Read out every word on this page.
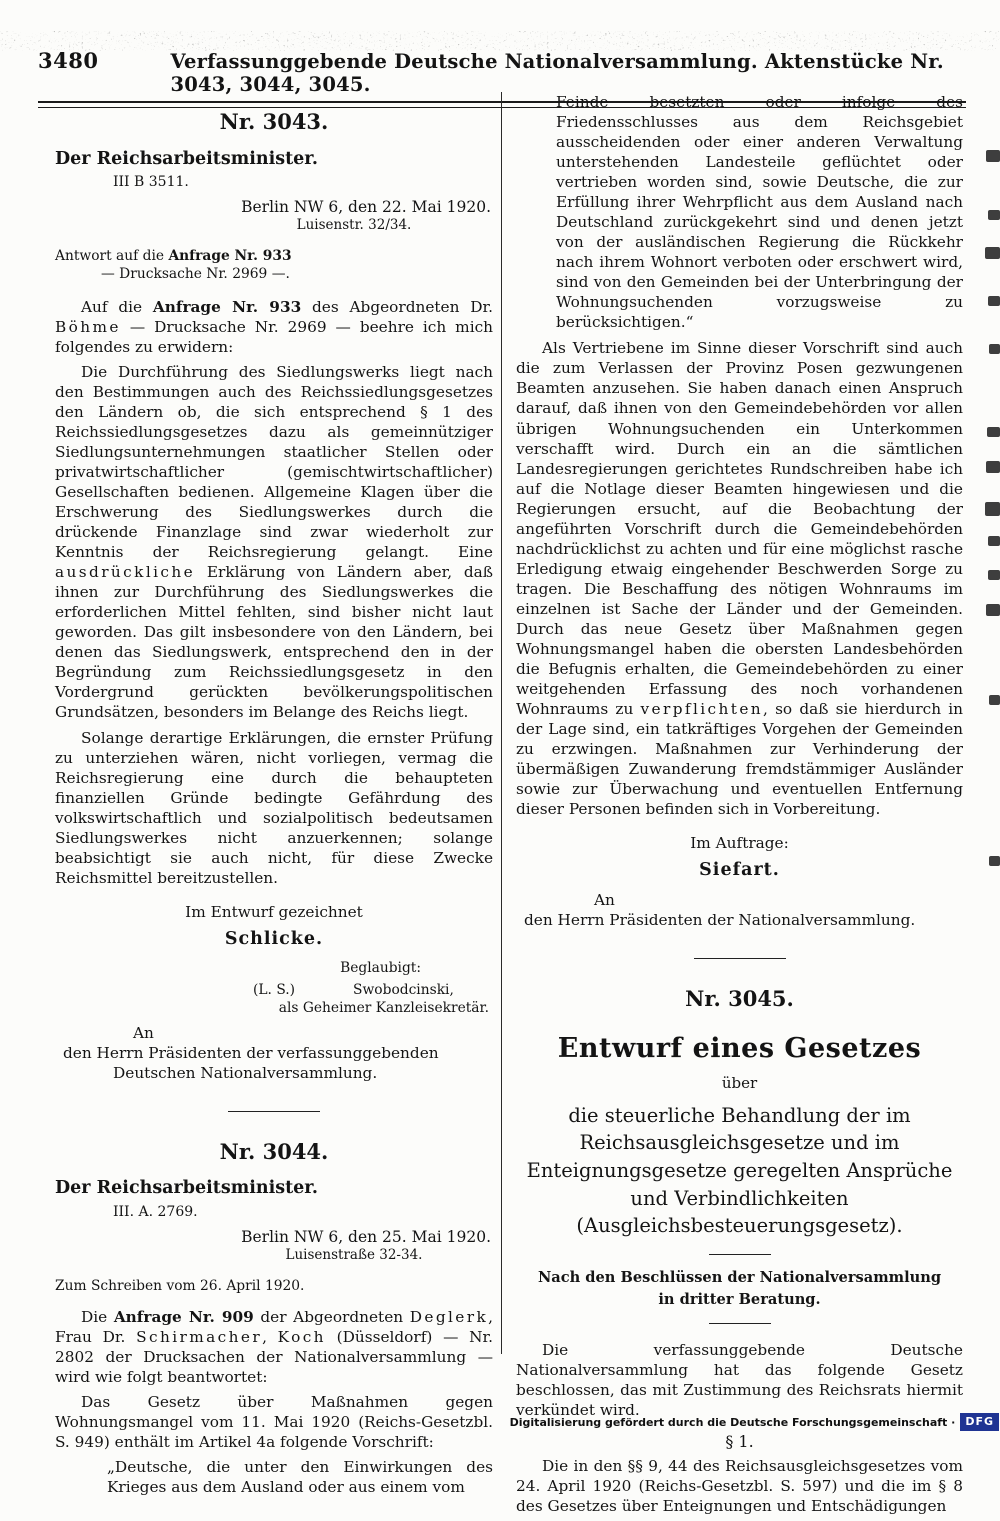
3480	Verfassunggebende Deutsche Nationalversammlung. Aktenstücke Nr. 3043, 3044, 3045.
Nr. 3043.
Der Reichsarbeitsminister.
III B 3511.
Berlin NW 6, den 22. Mai 1920.
Luisenstr. 32/34.
Antwort auf die Anfrage Nr. 933
— Drucksache Nr. 2969 —.

Auf die Anfrage Nr. 933 des Abgeordneten Dr. Böhme — Drucksache Nr. 2969 — beehre ich mich folgendes zu erwidern:

Die Durchführung des Siedlungswerks liegt nach den Bestimmungen auch des Reichssiedlungsgesetzes den Ländern ob, die sich entsprechend § 1 des Reichssiedlungsgesetzes dazu als gemeinnütziger Siedlungsunternehmungen staatlicher Stellen oder privatwirtschaftlicher (gemischtwirtschaftlicher) Gesellschaften bedienen. Allgemeine Klagen über die Erschwerung des Siedlungswerkes durch die drückende Finanzlage sind zwar wiederholt zur Kenntnis der Reichsregierung gelangt. Eine ausdrückliche Erklärung von Ländern aber, daß ihnen zur Durchführung des Siedlungswerkes die erforderlichen Mittel fehlten, sind bisher nicht laut geworden. Das gilt insbesondere von den Ländern, bei denen das Siedlungswerk, entsprechend den in der Begründung zum Reichssiedlungsgesetz in den Vordergrund gerückten bevölkerungspolitischen Grundsätzen, besonders im Belange des Reichs liegt.

Solange derartige Erklärungen, die ernster Prüfung zu unterziehen wären, nicht vorliegen, vermag die Reichsregierung eine durch die behaupteten finanziellen Gründe bedingte Gefährdung des volkswirtschaftlich und sozialpolitisch bedeutsamen Siedlungswerkes nicht anzuerkennen; solange beabsichtigt sie auch nicht, für diese Zwecke Reichsmittel bereitzustellen.

Im Entwurf gezeichnet
Schlicke.
Beglaubigt:
(L. S.)	Swobodcinski,
als Geheimer Kanzleisekretär.
An
den Herrn Präsidenten der verfassunggebenden
Deutschen Nationalversammlung.
Nr. 3044.
Der Reichsarbeitsminister.
III. A. 2769.
Berlin NW 6, den 25. Mai 1920.
Luisenstraße 32-34.
Zum Schreiben vom 26. April 1920.

Die Anfrage Nr. 909 der Abgeordneten Deglerk, Frau Dr. Schirmacher, Koch (Düsseldorf) — Nr. 2802 der Drucksachen der Nationalversammlung — wird wie folgt beantwortet:

Das Gesetz über Maßnahmen gegen Wohnungsmangel vom 11. Mai 1920 (Reichs-Gesetzbl. S. 949) enthält im Artikel 4a folgende Vorschrift:

„Deutsche, die unter den Einwirkungen des Krieges aus dem Ausland oder aus einem vom
Feinde besetzten oder infolge des Friedensschlusses aus dem Reichsgebiet ausscheidenden oder einer anderen Verwaltung unterstehenden Landesteile geflüchtet oder vertrieben worden sind, sowie Deutsche, die zur Erfüllung ihrer Wehrpflicht aus dem Ausland nach Deutschland zurückgekehrt sind und denen jetzt von der ausländischen Regierung die Rückkehr nach ihrem Wohnort verboten oder erschwert wird, sind von den Gemeinden bei der Unterbringung der Wohnungsuchenden vorzugsweise zu berücksichtigen.“

Als Vertriebene im Sinne dieser Vorschrift sind auch die zum Verlassen der Provinz Posen gezwungenen Beamten anzusehen. Sie haben danach einen Anspruch darauf, daß ihnen von den Gemeindebehörden vor allen übrigen Wohnungsuchenden ein Unterkommen verschafft wird. Durch ein an die sämtlichen Landesregierungen gerichtetes Rundschreiben habe ich auf die Notlage dieser Beamten hingewiesen und die Regierungen ersucht, auf die Beobachtung der angeführten Vorschrift durch die Gemeindebehörden nachdrücklichst zu achten und für eine möglichst rasche Erledigung etwaig eingehender Beschwerden Sorge zu tragen. Die Beschaffung des nötigen Wohnraums im einzelnen ist Sache der Länder und der Gemeinden. Durch das neue Gesetz über Maßnahmen gegen Wohnungsmangel haben die obersten Landesbehörden die Befugnis erhalten, die Gemeindebehörden zu einer weitgehenden Erfassung des noch vorhandenen Wohnraums zu verpflichten, so daß sie hierdurch in der Lage sind, ein tatkräftiges Vorgehen der Gemeinden zu erzwingen. Maßnahmen zur Verhinderung der übermäßigen Zuwanderung fremdstämmiger Ausländer sowie zur Überwachung und eventuellen Entfernung dieser Personen befinden sich in Vorbereitung.

Im Auftrage:
Siefart.
An
den Herrn Präsidenten der Nationalversammlung.
Nr. 3045.
Entwurf eines Gesetzes
über
die steuerliche Behandlung der im Reichsausgleichsgesetze und im Enteignungsgesetze geregelten Ansprüche und Verbindlichkeiten (Ausgleichsbesteuerungsgesetz).
Nach den Beschlüssen der Nationalversammlung
in dritter Beratung.

Die verfassunggebende Deutsche Nationalversammlung hat das folgende Gesetz beschlossen, das mit Zustimmung des Reichsrats hiermit verkündet wird.

§ 1.

Die in den §§ 9, 44 des Reichsausgleichsgesetzes vom 24. April 1920 (Reichs-Gesetzbl. S. 597) und die im § 8 des Gesetzes über Enteignungen und Entschädigungen

Digitalisierung gefördert durch die Deutsche Forschungsgemeinschaft · DFG
